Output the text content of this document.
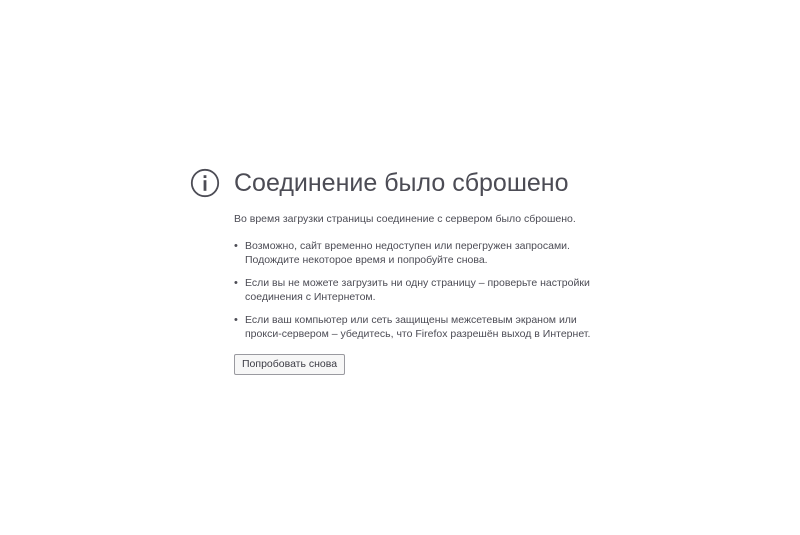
Соединение было сброшено

Во время загрузки страницы соединение с сервером было сброшено.

• Возможно, сайт временно недоступен или перегружен запросами. Подождите некоторое время и попробуйте снова.
• Если вы не можете загрузить ни одну страницу – проверьте настройки соединения с Интернетом.
• Если ваш компьютер или сеть защищены межсетевым экраном или прокси-сервером – убедитесь, что Firefox разрешён выход в Интернет.
Попробовать снова
